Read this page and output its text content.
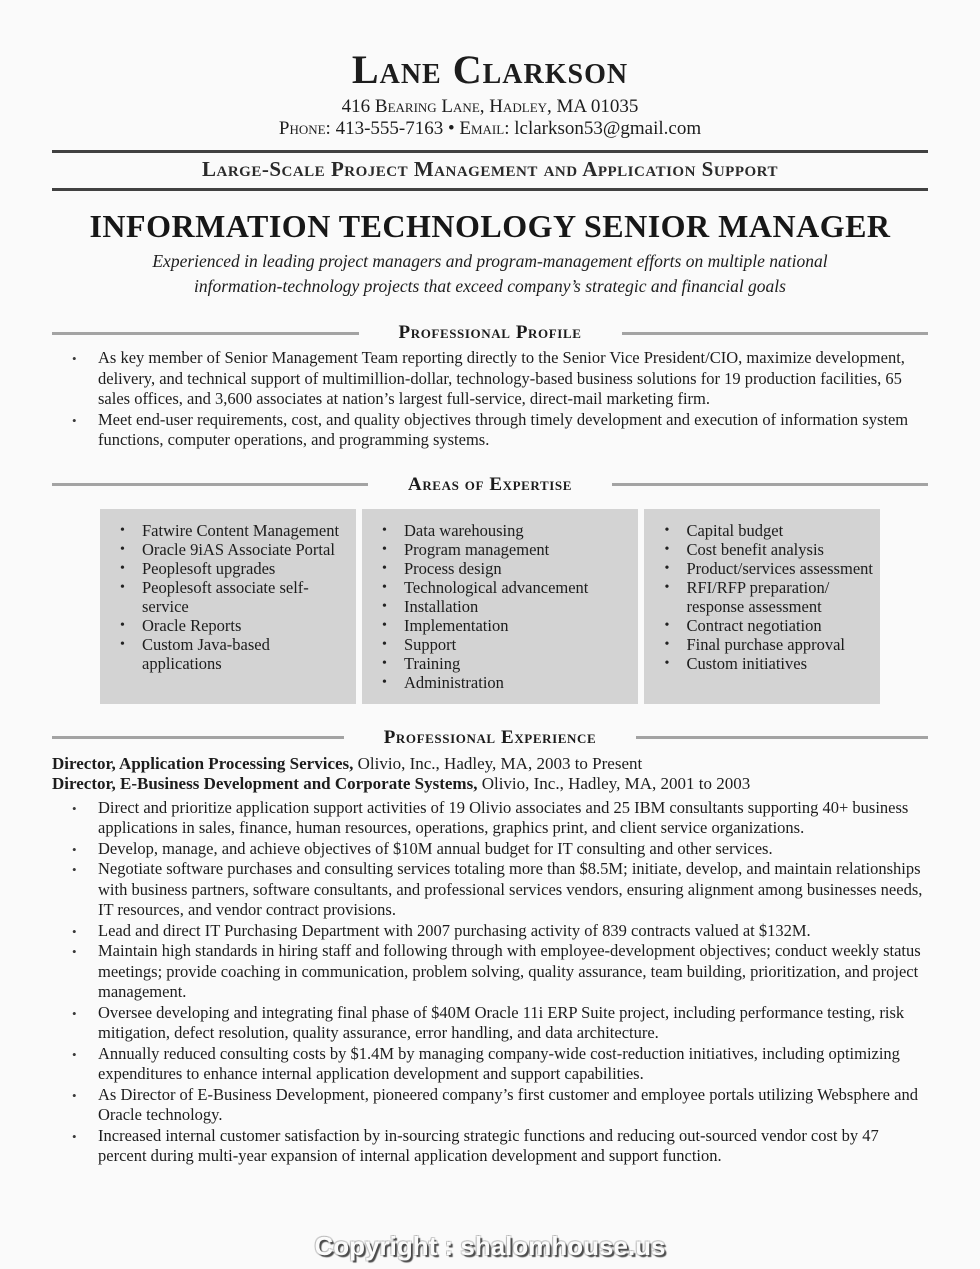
Lane Clarkson
416 Bearing Lane, Hadley, MA 01035
Phone: 413-555-7163 • Email: lclarkson53@gmail.com
Large-Scale Project Management and Application Support
INFORMATION TECHNOLOGY SENIOR MANAGER
Experienced in leading project managers and program-management efforts on multiple national information-technology projects that exceed company’s strategic and financial goals
Professional Profile
• As key member of Senior Management Team reporting directly to the Senior Vice President/CIO, maximize development, delivery, and technical support of multimillion-dollar, technology-based business solutions for 19 production facilities, 65 sales offices, and 3,600 associates at nation’s largest full-service, direct-mail marketing firm.
• Meet end-user requirements, cost, and quality objectives through timely development and execution of information system functions, computer operations, and programming systems.
Areas of Expertise
• Fatwire Content Management
• Oracle 9iAS Associate Portal
• Peoplesoft upgrades
• Peoplesoft associate self-service
• Oracle Reports
• Custom Java-based applications
• Data warehousing
• Program management
• Process design
• Technological advancement
• Installation
• Implementation
• Support
• Training
• Administration
• Capital budget
• Cost benefit analysis
• Product/services assessment
• RFI/RFP preparation/ response assessment
• Contract negotiation
• Final purchase approval
• Custom initiatives
Professional Experience
Director, Application Processing Services, Olivio, Inc., Hadley, MA, 2003 to Present
Director, E-Business Development and Corporate Systems, Olivio, Inc., Hadley, MA, 2001 to 2003
• Direct and prioritize application support activities of 19 Olivio associates and 25 IBM consultants supporting 40+ business applications in sales, finance, human resources, operations, graphics print, and client service organizations.
• Develop, manage, and achieve objectives of $10M annual budget for IT consulting and other services.
• Negotiate software purchases and consulting services totaling more than $8.5M; initiate, develop, and maintain relationships with business partners, software consultants, and professional services vendors, ensuring alignment among businesses needs, IT resources, and vendor contract provisions.
• Lead and direct IT Purchasing Department with 2007 purchasing activity of 839 contracts valued at $132M.
• Maintain high standards in hiring staff and following through with employee-development objectives; conduct weekly status meetings; provide coaching in communication, problem solving, quality assurance, team building, prioritization, and project management.
• Oversee developing and integrating final phase of $40M Oracle 11i ERP Suite project, including performance testing, risk mitigation, defect resolution, quality assurance, error handling, and data architecture.
• Annually reduced consulting costs by $1.4M by managing company-wide cost-reduction initiatives, including optimizing expenditures to enhance internal application development and support capabilities.
• As Director of E-Business Development, pioneered company’s first customer and employee portals utilizing Websphere and Oracle technology.
• Increased internal customer satisfaction by in-sourcing strategic functions and reducing out-sourced vendor cost by 47 percent during multi-year expansion of internal application development and support function.
Copyright : shalomhouse.us
